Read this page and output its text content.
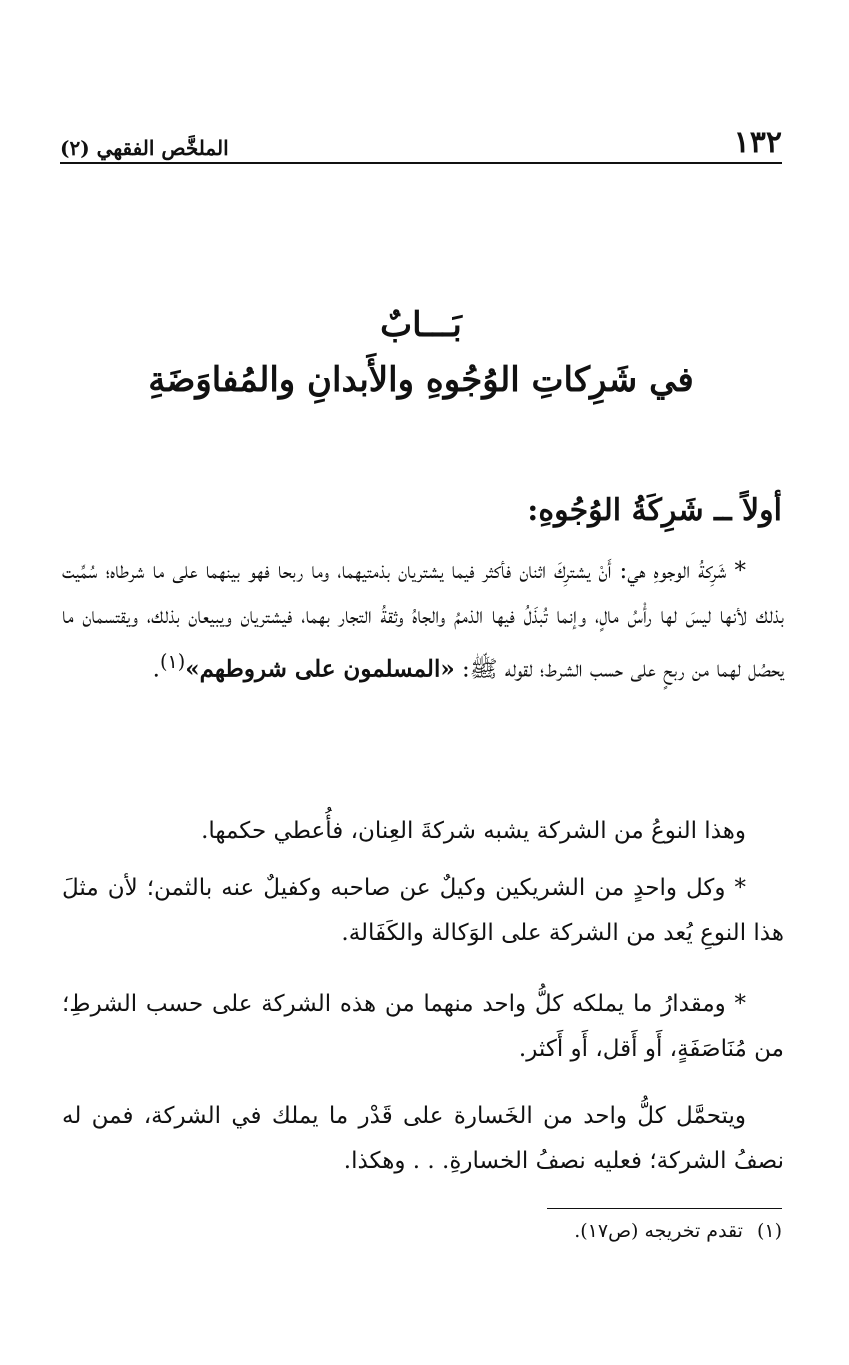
١٣٢
الملخَّص الفقهي (٢)
بَـــابٌ
في شَرِكاتِ الوُجُوهِ والأَبدانِ والمُفاوَضَةِ
أولاً ــ شَرِكَةُ الوُجُوهِ:
* شَرِكةُ الوجوهِ هي: أَنْ يشترِكَ اثنان فأكثر فيما يشتريان بذمتيهما، وما ربحا فهو بينهما على ما شرطاه؛ سُمِّيت بذلك لأنها ليسَ لها رأْسُ مالٍ، وإنما تُبذَلُ فيها الذممُ والجاهُ وثقةُ التجار بهما، فيشتريان ويبيعان بذلك، ويقتسمان ما يحصُل لهما من ربحٍ على حسب الشرط؛ لقوله ﷺ: «المسلمون على شروطهم»$^{(١)}$.
وهذا النوعُ من الشركة يشبه شركةَ العِنان، فأُعطي حكمها.
* وكل واحدٍ من الشريكين وكيلٌ عن صاحبه وكفيلٌ عنه بالثمن؛ لأن مثلَ هذا النوعِ يُعد من الشركة على الوَكالة والكَفَالة.
* ومقدارُ ما يملكه كلُّ واحد منهما من هذه الشركة على حسب الشرطِ؛ من مُنَاصَفَةٍ، أَو أَقل، أَو أَكثر.
ويتحمَّل كلُّ واحد من الخَسارة على قَدْر ما يملك في الشركة، فمن له نصفُ الشركة؛ فعليه نصفُ الخسارةِ. . . وهكذا.
(١)تقدم تخريجه (ص١٧).
